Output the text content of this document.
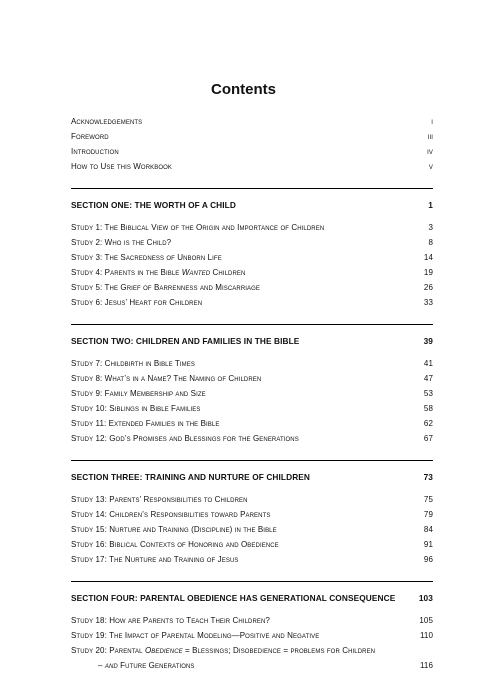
Contents
Acknowledgements	i
Foreword	iii
Introduction	iv
How to Use this Workbook	v
SECTION ONE: THE WORTH OF A CHILD	1
Study 1: The Biblical View of the Origin and Importance of Children	3
Study 2: Who is the Child?	8
Study 3: The Sacredness of Unborn Life	14
Study 4: Parents in the Bible Wanted Children	19
Study 5: The Grief of Barrenness and Miscarriage	26
Study 6: Jesus’ Heart for Children	33
SECTION TWO: CHILDREN AND FAMILIES IN THE BIBLE	39
Study 7: Childbirth in Bible Times	41
Study 8: What’s in a Name? The Naming of Children	47
Study 9: Family Membership and Size	53
Study 10: Siblings in Bible Families	58
Study 11: Extended Families in the Bible	62
Study 12: God’s Promises and Blessings for the Generations	67
SECTION THREE: TRAINING AND NURTURE OF CHILDREN	73
Study 13: Parents’ Responsibilities to Children	75
Study 14: Children’s Responsibilities toward Parents	79
Study 15: Nurture and Training (Discipline) in the Bible	84
Study 16: Biblical Contexts of Honoring and Obedience	91
Study 17: The Nurture and Training of Jesus	96
SECTION FOUR: PARENTAL OBEDIENCE HAS GENERATIONAL CONSEQUENCE	103
Study 18: How are Parents to Teach Their Children?	105
Study 19: The Impact of Parental Modeling—Positive and Negative	110
Study 20: Parental Obedience = Blessings; Disobedience = problems for Children
– and Future Generations	116
